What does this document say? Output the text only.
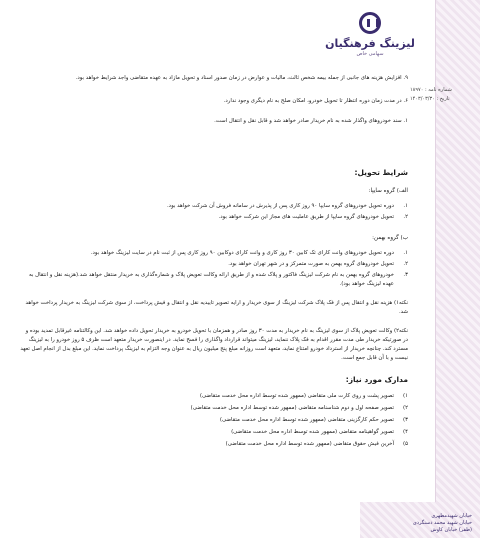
لیزینگ فرهنگیان
سهامی خاص
شماره نامه : ۱۸۹۷۰
تاریخ : ۱۴۰۳/۰۳/۳۰

۹. افزایش هزینه های جانبی از جمله بیمه شخص ثالث، مالیات و عوارض در زمان صدور اسناد و تحویل مازاد به عهده متقاضی واجد شرایط خواهد بود.

۶. در مدت زمان دوره انتظار تا تحویل خودرو، امکان صلح به نام دیگری وجود ندارد.

۱. سند خودروهای واگذار شده به نام خریدار صادر خواهد شد و قابل نقل و انتقال است.

شرایط تحویل:

الف) گروه سایپا:

۱.
دوره تحویل خودروهای گروه سایپا ۹۰ روز کاری پس از پذیرش در سامانه فروش آن شرکت خواهد بود.
۲.
تحویل خودروهای گروه سایپا از طریق عاملیت های مجاز این شرکت خواهد بود.

ب) گروه بهمن:

۱.
دوره تحویل خودروهای وانت کارای تک کابین ۳۰ روز کاری و وانت کارای دوکابین ۹۰ روز کاری پس از ثبت نام در سایت لیزینگ خواهد بود.
۲.
تحویل خودروهای گروه بهمن به صورت متمرکز و در شهر تهران خواهد بود.
۳.
خودروهای گروه بهمن به نام شرکت لیزینگ فاکتور و پلاک شده و از طریق ارائه وکالت تعویض پلاک و شماره‌گذاری به خریدار منتقل خواهد شد.(هزینه نقل و انتقال به عهده لیزینگ خواهد بود).

نکته۱) هزینه نقل و انتقال پس از فک پلاک شرکت لیزینگ از سوی خریدار و ارایه تصویر تاییدیه نقل و انتقال و فیش پرداخت، از سوی شرکت لیزینگ به خریدار پرداخت خواهد شد.

نکته۲) وکالت تعویض پلاک از سوی لیزینگ به نام خریدار به مدت ۳۰ روز صادر و همزمان با تحویل خودرو به خریدار تحویل داده خواهد شد. این وکالتنامه غیرقابل تمدید بوده و در صورتیکه خریدار طی مدت مقرر اقدام به فک پلاک ننماید، لیزینگ میتواند قرارداد واگذاری را فسخ نماید. در اینصورت خریدار متعهد است ظرف ۵ روز خودرو را به لیزینگ مسترد کند. چنانچه خریدار از استرداد خودرو امتناع نماید، متعهد است روزانه مبلغ پنج میلیون ریال به عنوان وجه التزام به لیزینگ پرداخت نماید. این مبلغ بدل از انجام اصل تعهد نیست و با آن قابل جمع است.

مدارک مورد نیاز:

۱)
تصویر پشت و روی کارت ملی متقاضی (ممهور شده توسط اداره محل خدمت متقاضی)
۲)
تصویر صفحه اول و دوم شناسنامه متقاضی (ممهور شده توسط اداره محل خدمت متقاضی)
۳)
تصویر حکم کارگزینی متقاضی (ممهور شده توسط اداره محل خدمت متقاضی)
۴)
تصویر گواهینامه متقاضی (ممهور شده توسط اداره محل خدمت متقاضی)
۵)
آخرین فیش حقوق متقاضی (ممهور شده توسط اداره محل خدمت متقاضی)
خیابان شهیدمطهری
خیابان شهید محمد دستگردی
(ظفر) خیابان کاوش
